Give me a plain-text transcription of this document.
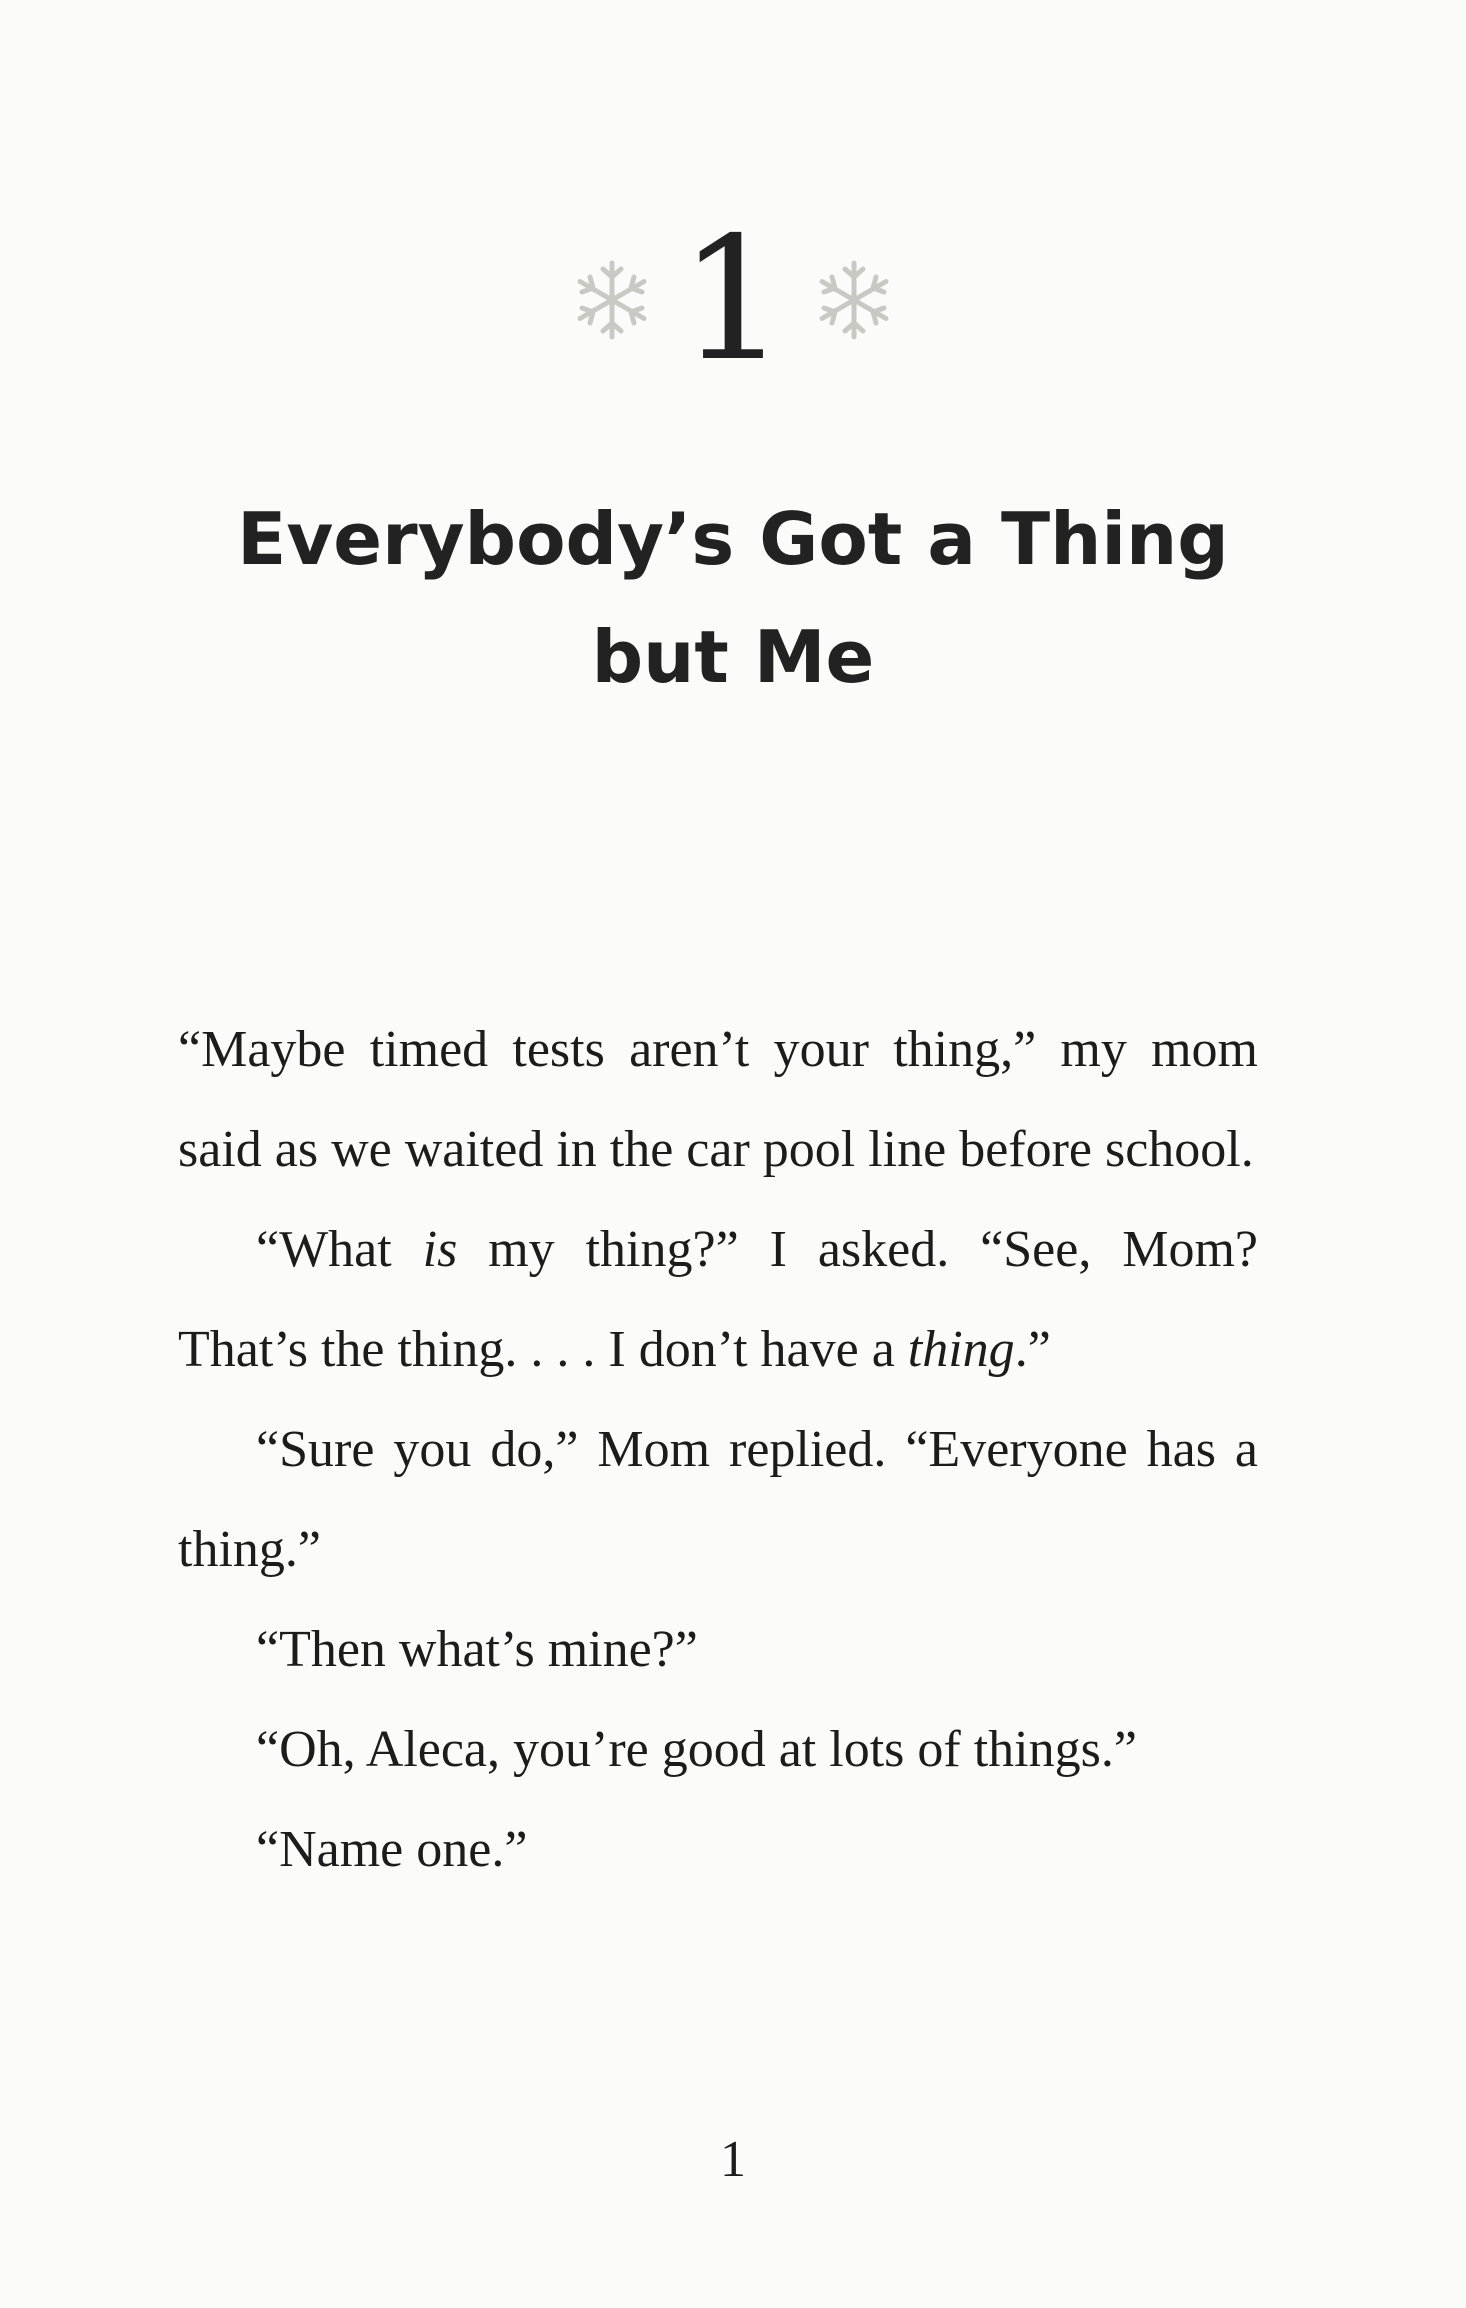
1
Everybody’s Got a Thing
but Me

“Maybe timed tests aren’t your thing,” my mom said as we waited in the car pool line before school.

“What is my thing?” I asked. “See, Mom? That’s the thing. . . . I don’t have a thing.”

“Sure you do,” Mom replied. “Everyone has a thing.”

“Then what’s mine?”

“Oh, Aleca, you’re good at lots of things.”

“Name one.”

1
